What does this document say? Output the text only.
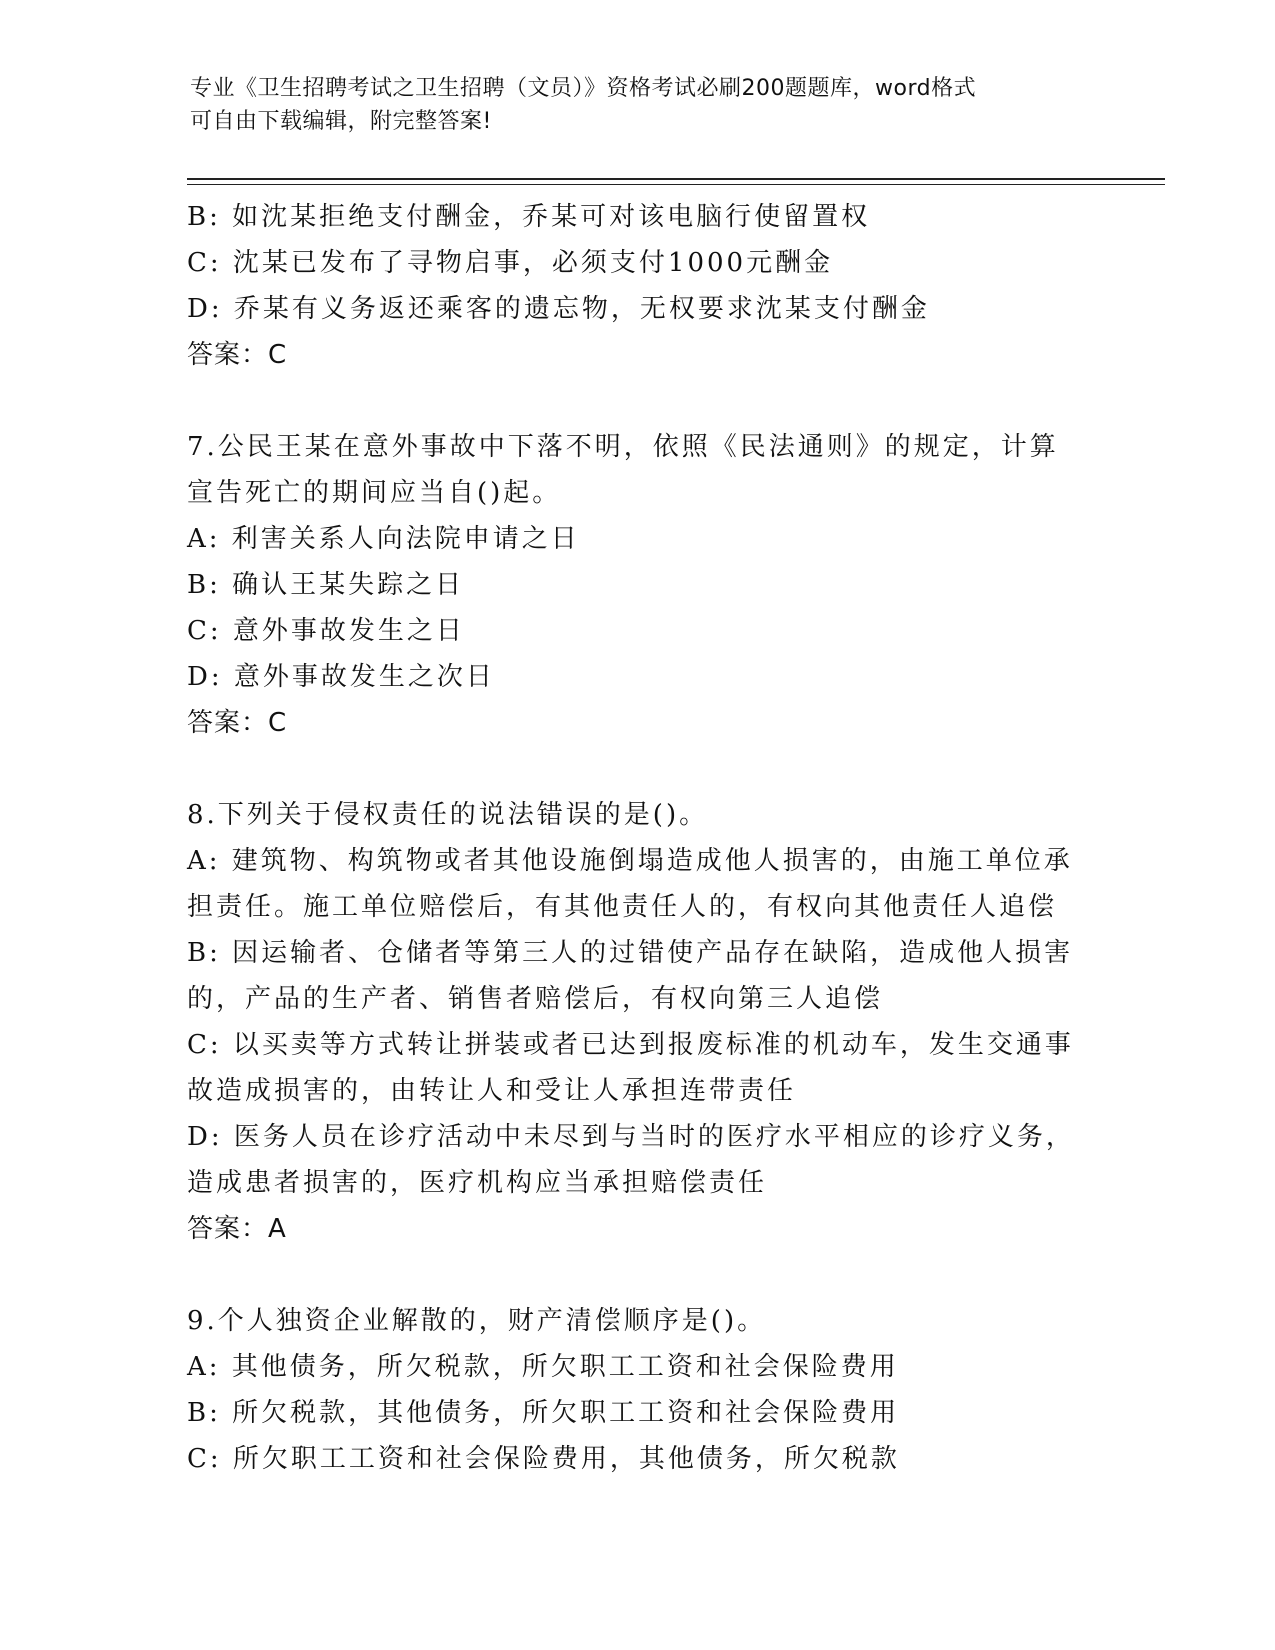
专业《卫生招聘考试之卫生招聘（文员）》资格考试必刷200题题库，word格式
可自由下载编辑，附完整答案!
B: 如沈某拒绝支付酬金，乔某可对该电脑行使留置权
C: 沈某已发布了寻物启事，必须支付1000元酬金
D: 乔某有义务返还乘客的遗忘物，无权要求沈某支付酬金
答案：C
7.公民王某在意外事故中下落不明，依照《民法通则》的规定，计算
宣告死亡的期间应当自()起。
A: 利害关系人向法院申请之日
B: 确认王某失踪之日
C: 意外事故发生之日
D: 意外事故发生之次日
答案：C
8.下列关于侵权责任的说法错误的是()。
A: 建筑物、构筑物或者其他设施倒塌造成他人损害的，由施工单位承
担责任。施工单位赔偿后，有其他责任人的，有权向其他责任人追偿
B: 因运输者、仓储者等第三人的过错使产品存在缺陷，造成他人损害
的，产品的生产者、销售者赔偿后，有权向第三人追偿
C: 以买卖等方式转让拼装或者已达到报废标准的机动车，发生交通事
故造成损害的，由转让人和受让人承担连带责任
D: 医务人员在诊疗活动中未尽到与当时的医疗水平相应的诊疗义务，
造成患者损害的，医疗机构应当承担赔偿责任
答案：A
9.个人独资企业解散的，财产清偿顺序是()。
A: 其他债务，所欠税款，所欠职工工资和社会保险费用
B: 所欠税款，其他债务，所欠职工工资和社会保险费用
C: 所欠职工工资和社会保险费用，其他债务，所欠税款
